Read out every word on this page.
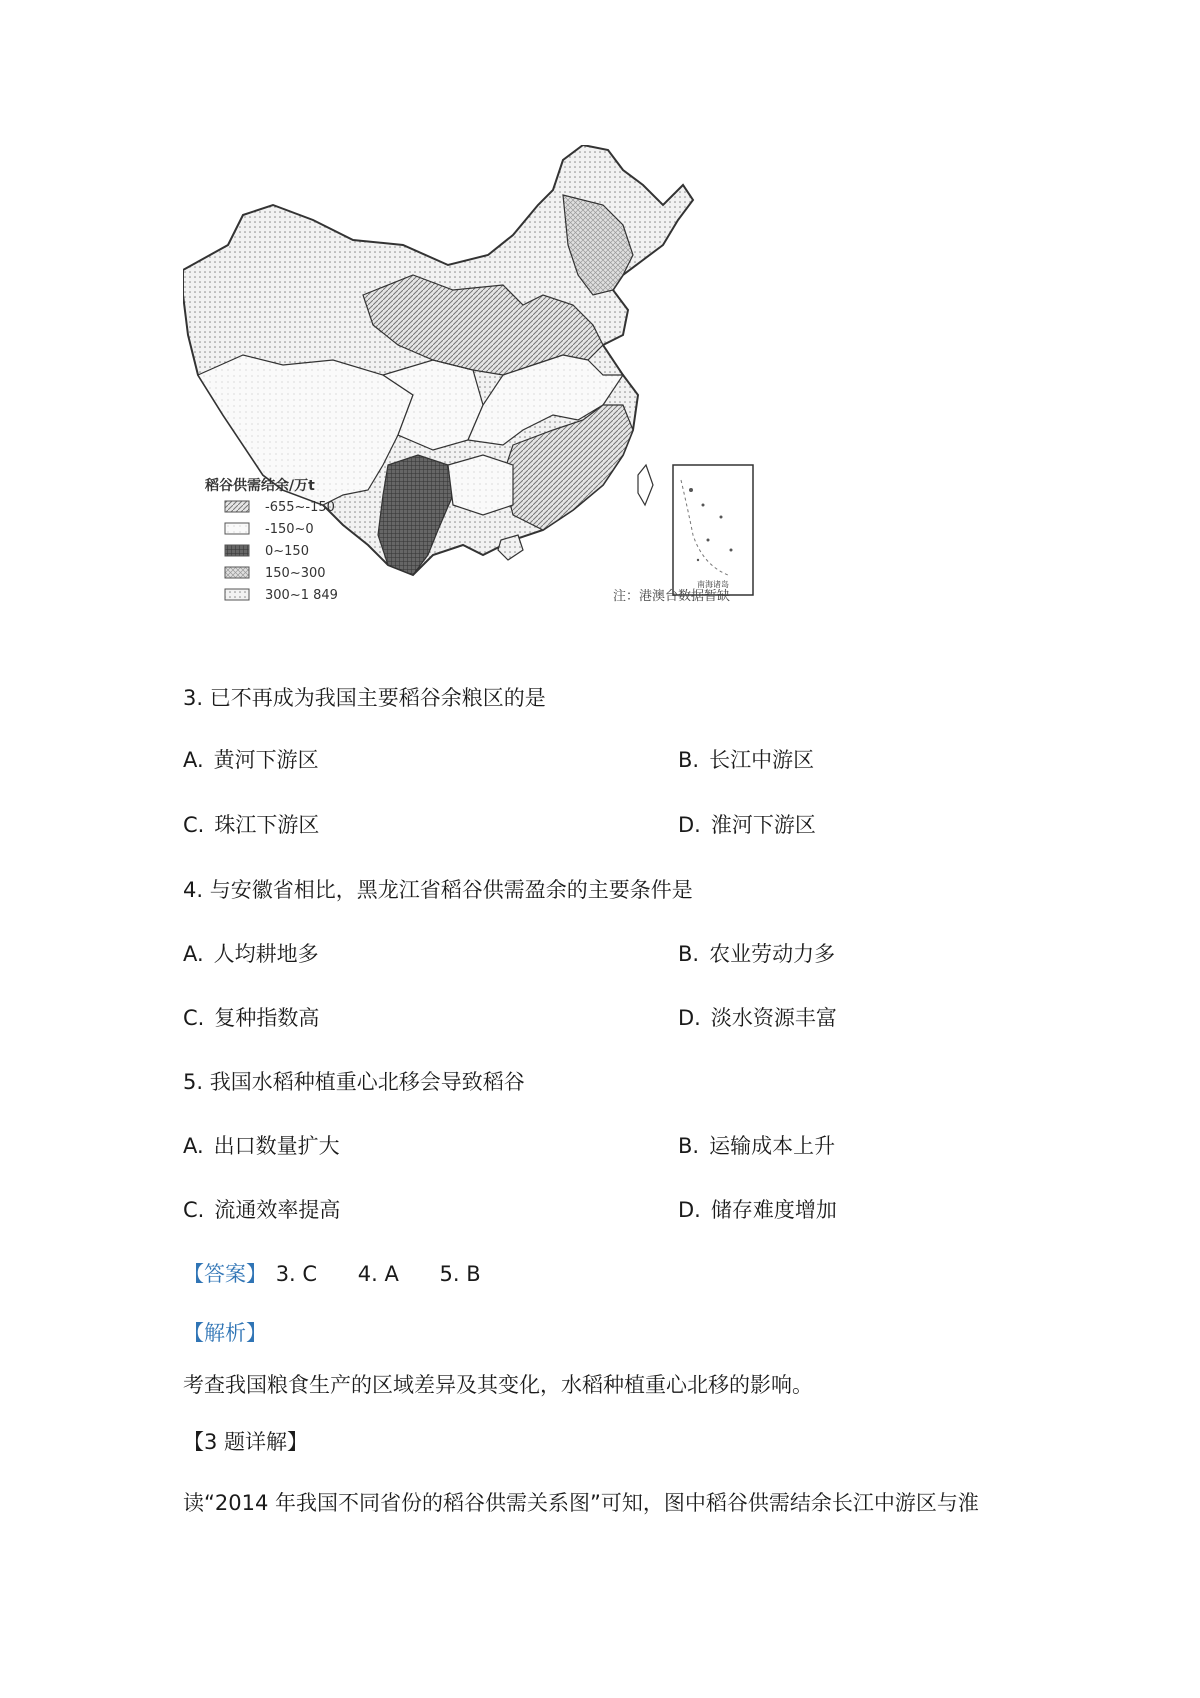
南海诸岛
稻谷供需结余/万t
-655~-150
-150~0
0~150
150~300
300~1 849	注：港澳台数据暂缺
3. 已不再成为我国主要稻谷余粮区的是
A. 黄河下游区	B. 长江中游区
C. 珠江下游区	D. 淮河下游区
4. 与安徽省相比，黑龙江省稻谷供需盈余的主要条件是
A. 人均耕地多	B. 农业劳动力多
C. 复种指数高	D. 淡水资源丰富
5. 我国水稻种植重心北移会导致稻谷
A. 出口数量扩大	B. 运输成本上升
C. 流通效率提高	D. 储存难度增加
【答案】 3. C 4. A 5. B
【解析】
考查我国粮食生产的区域差异及其变化，水稻种植重心北移的影响。
【3 题详解】
读“2014 年我国不同省份的稻谷供需关系图”可知，图中稻谷供需结余长江中游区与淮
